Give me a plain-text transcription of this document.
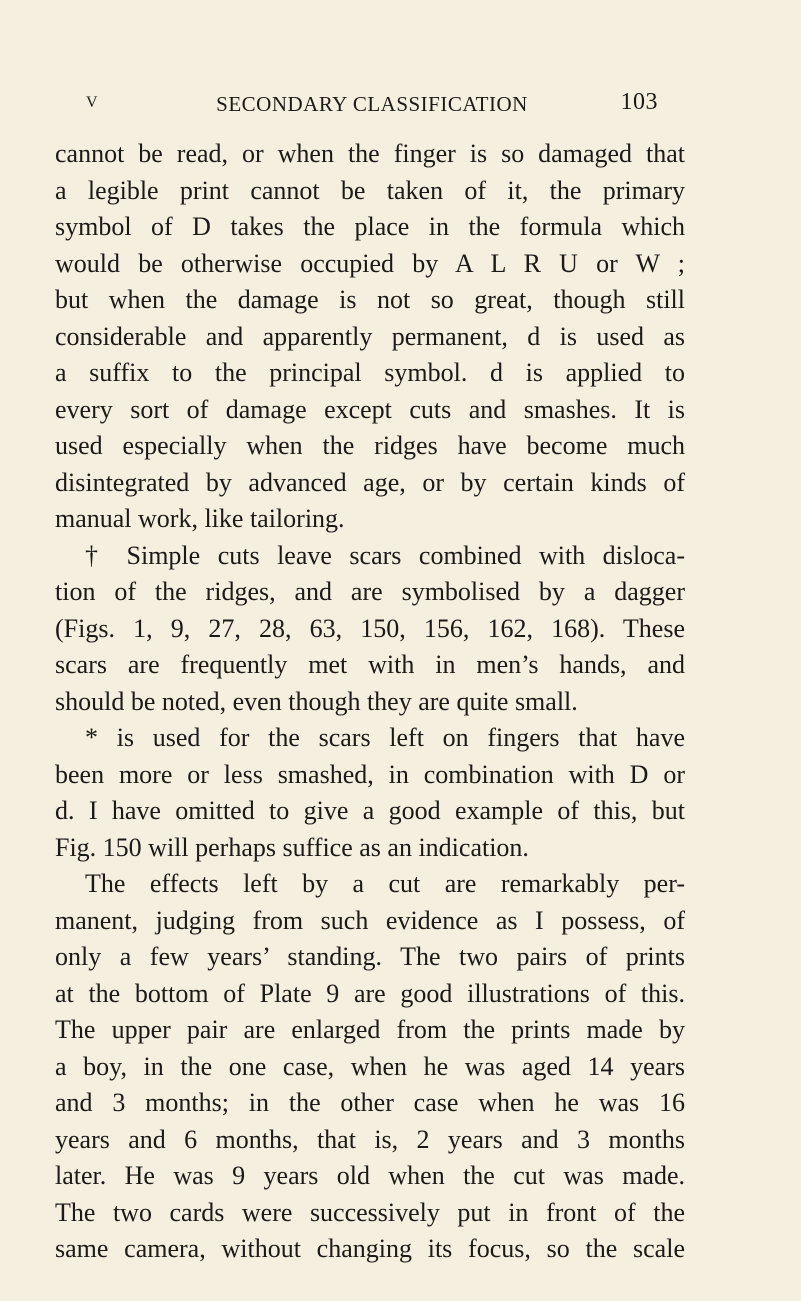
V	SECONDARY CLASSIFICATION	103
cannot be read, or when the finger is so damaged that
a legible print cannot be taken of it, the primary
symbol of D takes the place in the formula which
would be otherwise occupied by A L R U or W ;
but when the damage is not so great, though still
considerable and apparently permanent, d is used as
a suffix to the principal symbol. d is applied to
every sort of damage except cuts and smashes. It is
used especially when the ridges have become much
disintegrated by advanced age, or by certain kinds of
manual work, like tailoring.
† Simple cuts leave scars combined with disloca-
tion of the ridges, and are symbolised by a dagger
(Figs. 1, 9, 27, 28, 63, 150, 156, 162, 168). These
scars are frequently met with in men’s hands, and
should be noted, even though they are quite small.
* is used for the scars left on fingers that have
been more or less smashed, in combination with D or
d. I have omitted to give a good example of this, but
Fig. 150 will perhaps suffice as an indication.
The effects left by a cut are remarkably per-
manent, judging from such evidence as I possess, of
only a few years’ standing. The two pairs of prints
at the bottom of Plate 9 are good illustrations of this.
The upper pair are enlarged from the prints made by
a boy, in the one case, when he was aged 14 years
and 3 months; in the other case when he was 16
years and 6 months, that is, 2 years and 3 months
later. He was 9 years old when the cut was made.
The two cards were successively put in front of the
same camera, without changing its focus, so the scale
